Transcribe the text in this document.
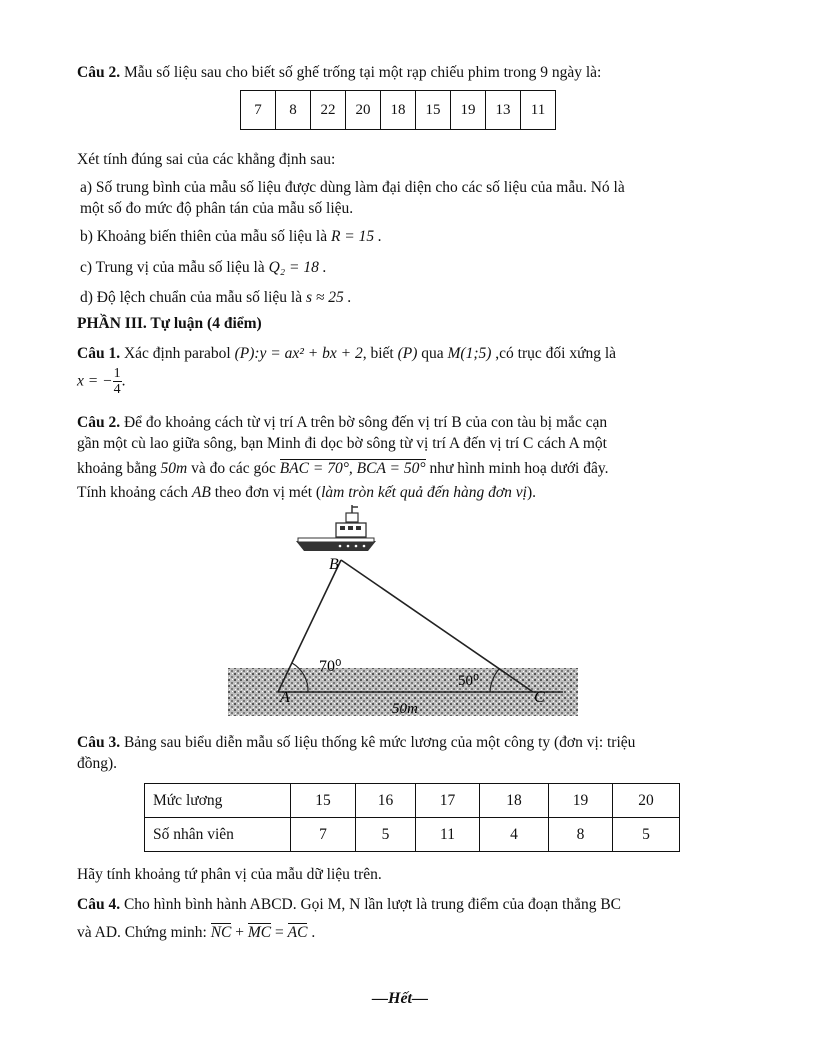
Câu 2. Mẫu số liệu sau cho biết số ghế trống tại một rạp chiếu phim trong 9 ngày là:
7	8	22	20	18	15	19	13	11
Xét tính đúng sai của các khẳng định sau:
a) Số trung bình của mẫu số liệu được dùng làm đại diện cho các số liệu của mẫu. Nó là
một số đo mức độ phân tán của mẫu số liệu.
b) Khoảng biến thiên của mẫu số liệu là R = 15 .
c) Trung vị của mẫu số liệu là Q₂ = 18 .
d) Độ lệch chuẩn của mẫu số liệu là s ≈ 25 .
PHẦN III. Tự luận (4 điểm)
Câu 1. Xác định parabol (P):y = ax² + bx + 2, biết (P) qua M(1;5) ,có trục đối xứng là
x = − $\frac{1}{4}$ .
Câu 2. Để đo khoảng cách từ vị trí A trên bờ sông đến vị trí B của con tàu bị mắc cạn
gần một cù lao giữa sông, bạn Minh đi dọc bờ sông từ vị trí A đến vị trí C cách A một
khoảng bằng 50m và đo các góc BAC = 70°, BCA = 50° như hình minh hoạ dưới đây.
Tính khoảng cách AB theo đơn vị mét (làm tròn kết quả đến hàng đơn vị).
B
A	C
70⁰
50⁰
50m
Câu 3. Bảng sau biểu diễn mẫu số liệu thống kê mức lương của một công ty (đơn vị: triệu
đồng).
Mức lương	15	16	17	18	19	20
Số nhân viên	7	5	11	4	8	5
Hãy tính khoảng tứ phân vị của mẫu dữ liệu trên.
Câu 4. Cho hình bình hành ABCD. Gọi M, N lần lượt là trung điểm của đoạn thẳng BC
và AD. Chứng minh: NC + MC = AC .
—Hết—
